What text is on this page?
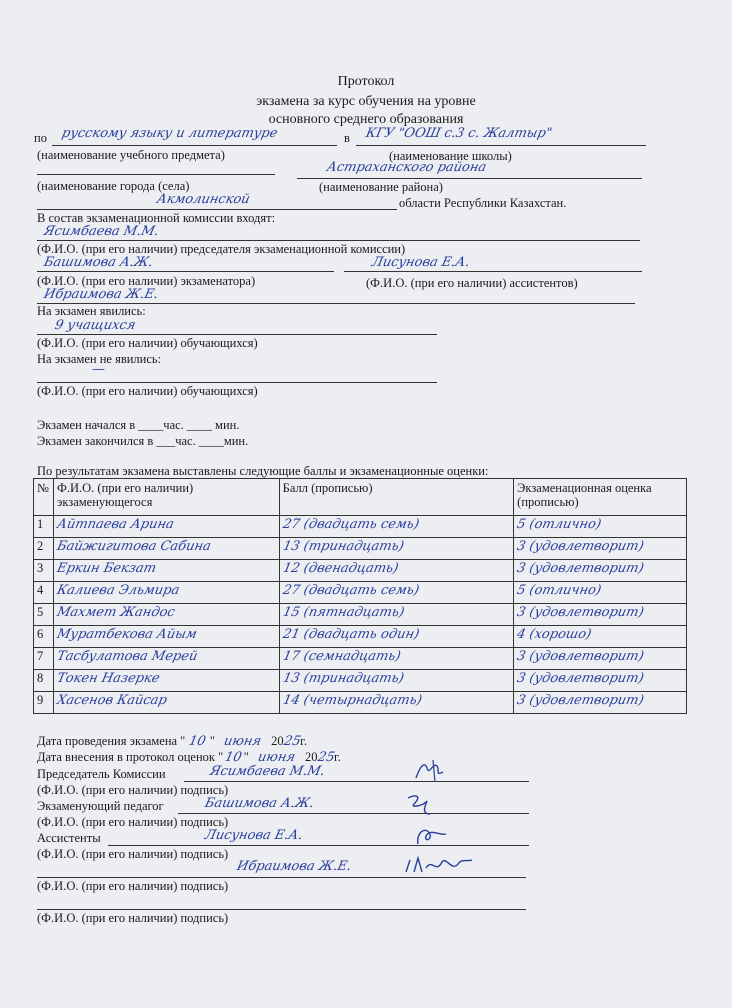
Протокол
экзамена за курс обучения на уровне
основного среднего образования
по русскому языку и литературе	в КГУ "ООШ с.3 с. Жалтыр"
(наименование учебного предмета)	(наименование школы)
Астраханского района
(наименование города (села)	(наименование района)
Акмолинской	области Республики Казахстан.
В состав экзаменационной комиссии входят:
Ясимбаева М.М.
(Ф.И.О. (при его наличии) председателя экзаменационной комиссии)
Башимова А.Ж.	Лисунова Е.А.
(Ф.И.О. (при его наличии) экзаменатора)	(Ф.И.О. (при его наличии) ассистентов)
Ибраимова Ж.Е.
На экзамен явились:
9 учащихся
(Ф.И.О. (при его наличии) обучающихся)
На экзамен не явились:
—
(Ф.И.О. (при его наличии) обучающихся)
Экзамен начался в ____час. ____ мин.
Экзамен закончился в ___час. ____мин.
По результатам экзамена выставлены следующие баллы и экзаменационные оценки:
№	Ф.И.О. (при его наличии) экзаменующегося	Балл (прописью)	Экзаменационная оценка (прописью)
1	Айтпаева Арина	27 (двадцать семь)	5 (отлично)
2	Байжигитова Сабина	13 (тринадцать)	3 (удовлетворит)
3	Еркин Бекзат	12 (двенадцать)	3 (удовлетворит)
4	Калиева Эльмира	27 (двадцать семь)	5 (отлично)
5	Махмет Жандос	15 (пятнадцать)	3 (удовлетворит)
6	Муратбекова Айым	21 (двадцать один)	4 (хорошо)
7	Тасбулатова Мерей	17 (семнадцать)	3 (удовлетворит)
8	Токен Назерке	13 (тринадцать)	3 (удовлетворит)
9	Хасенов Кайсар	14 (четырнадцать)	3 (удовлетворит)
Дата проведения экзамена " 10 " июня 2025г.
Дата внесения в протокол оценок "10" июня 2025г.
Председатель Комиссии	Ясимбаева М.М.
(Ф.И.О. (при его наличии) подпись)
Экзаменующий педагог	Башимова А.Ж.
(Ф.И.О. (при его наличии) подпись)
Ассистенты	Лисунова Е.А.
(Ф.И.О. (при его наличии) подпись)
Ибраимова Ж.Е.
(Ф.И.О. (при его наличии) подпись)
(Ф.И.О. (при его наличии) подпись)
